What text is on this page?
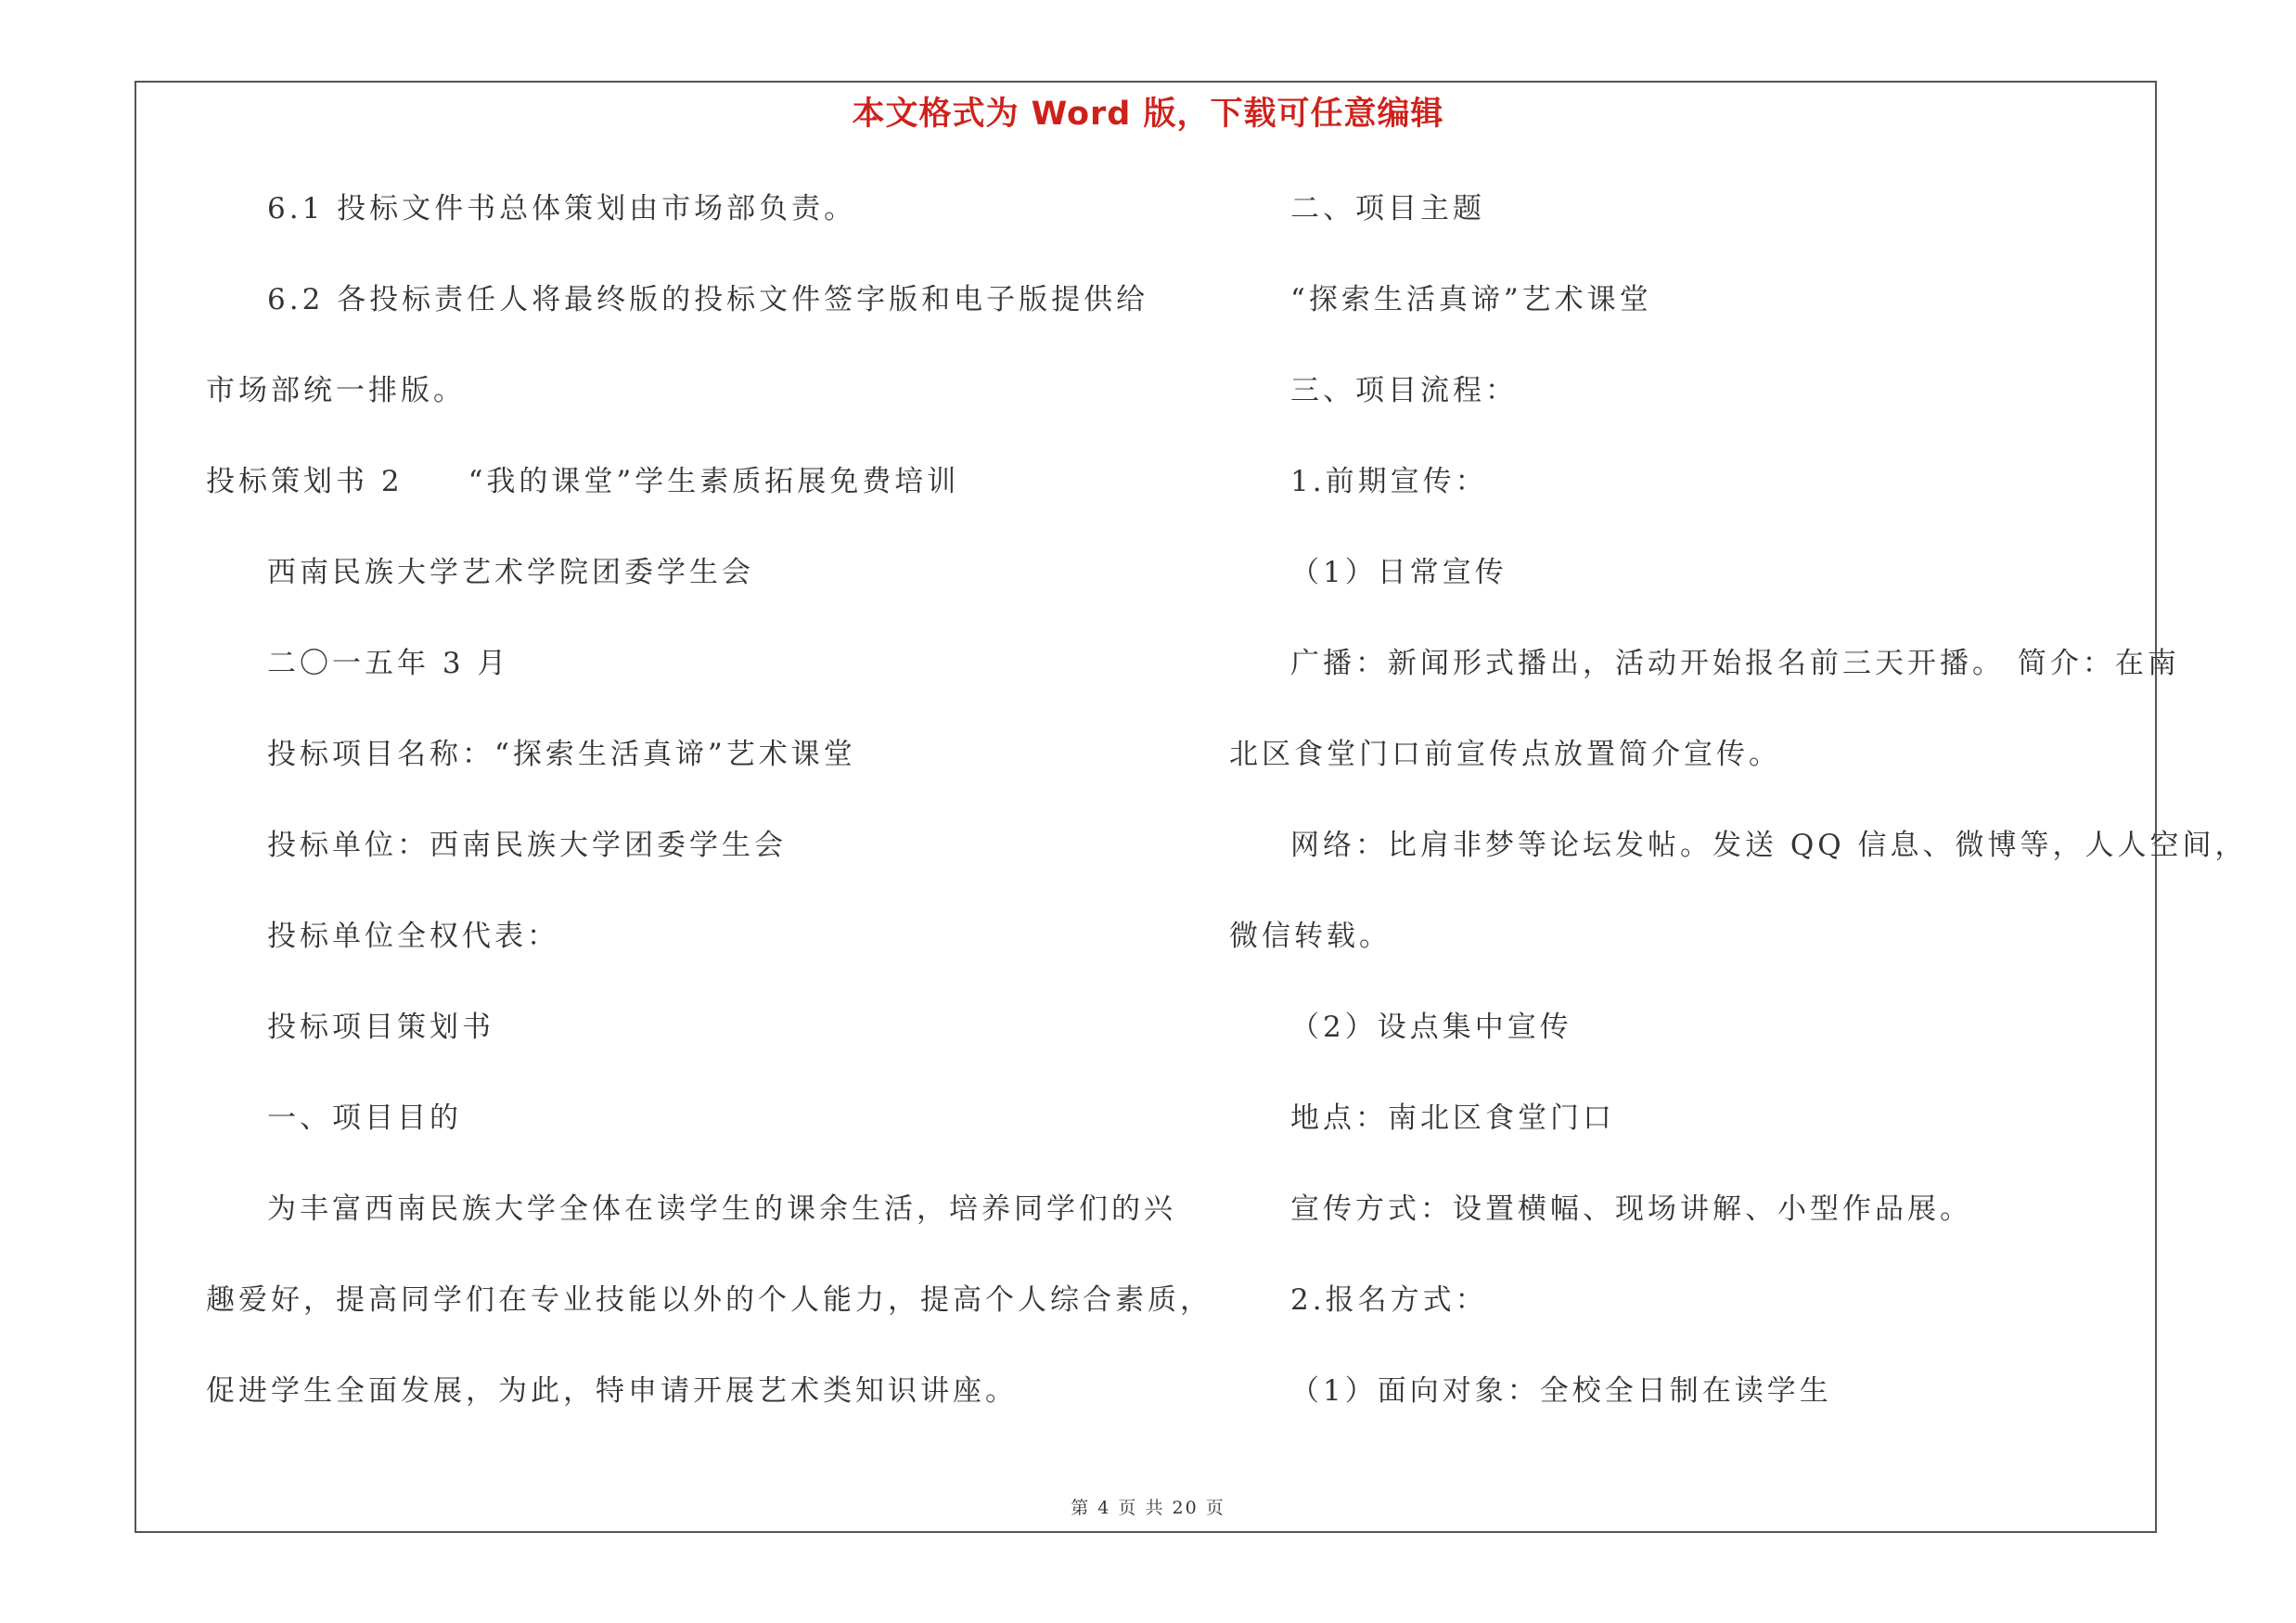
本文格式为 Word 版，下载可任意编辑
6.1 投标文件书总体策划由市场部负责。
6.2 各投标责任人将最终版的投标文件签字版和电子版提供给
市场部统一排版。
投标策划书 2　　“我的课堂”学生素质拓展免费培训
西南民族大学艺术学院团委学生会
二〇一五年 3 月
投标项目名称：“探索生活真谛”艺术课堂
投标单位：西南民族大学团委学生会
投标单位全权代表：
投标项目策划书
一、项目目的
为丰富西南民族大学全体在读学生的课余生活，培养同学们的兴
趣爱好，提高同学们在专业技能以外的个人能力，提高个人综合素质，
促进学生全面发展，为此，特申请开展艺术类知识讲座。
二、项目主题
“探索生活真谛”艺术课堂
三、项目流程：
1.前期宣传：
（1）日常宣传
广播：新闻形式播出，活动开始报名前三天开播。 简介：在南
北区食堂门口前宣传点放置简介宣传。
网络：比肩非梦等论坛发帖。发送 QQ 信息、微博等，人人空间，
微信转载。
（2）设点集中宣传
地点：南北区食堂门口
宣传方式：设置横幅、现场讲解、小型作品展。
2.报名方式：
（1）面向对象：全校全日制在读学生
第 4 页 共 20 页
